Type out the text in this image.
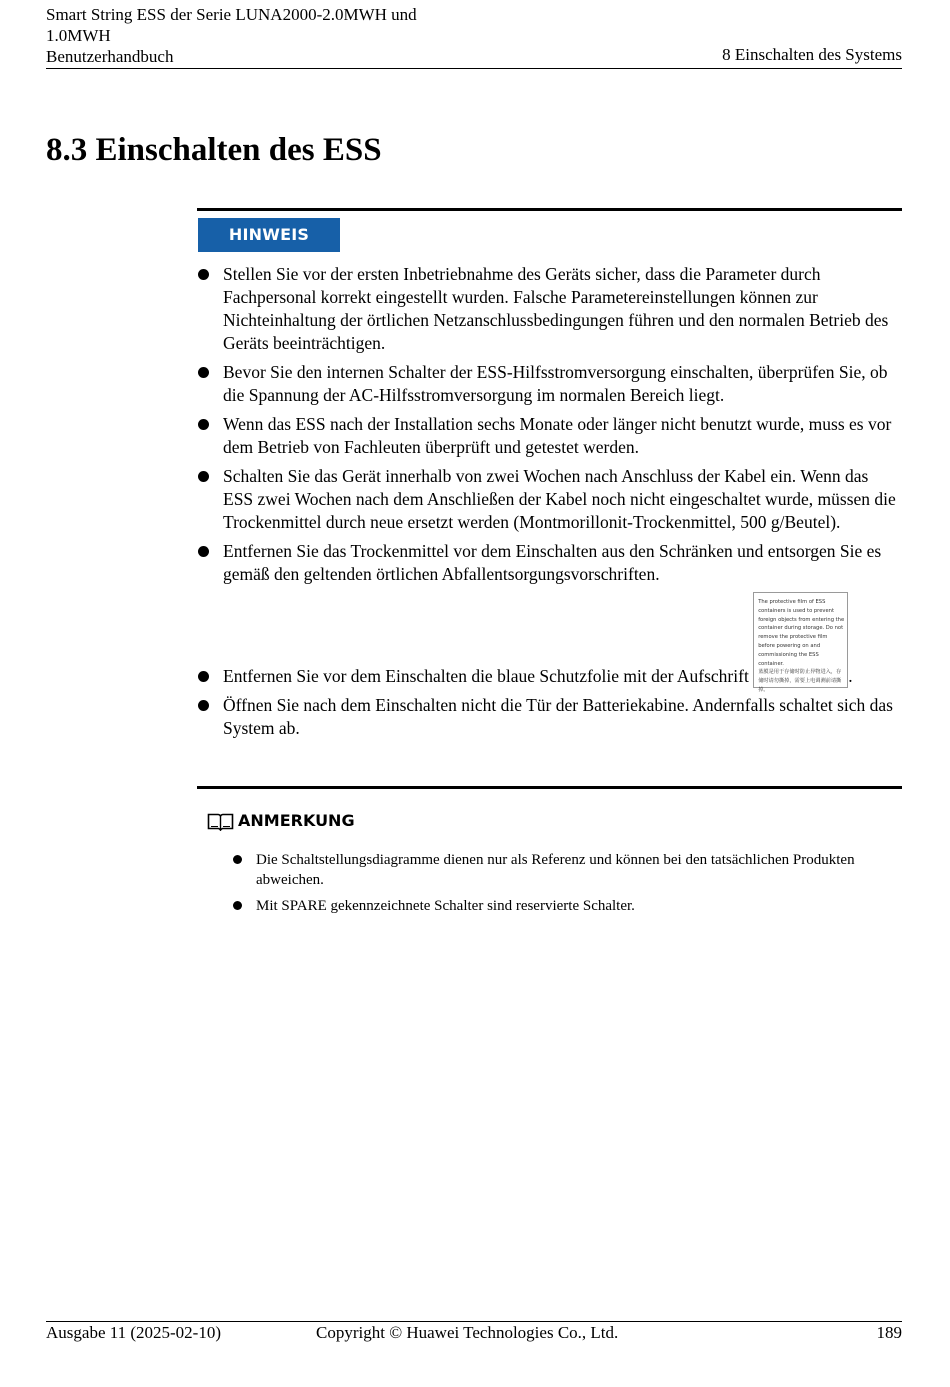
Smart String ESS der Serie LUNA2000-2.0MWH und 1.0MWH
Benutzerhandbuch	8 Einschalten des Systems
8.3 Einschalten des ESS
HINWEIS
Stellen Sie vor der ersten Inbetriebnahme des Geräts sicher, dass die Parameter durch Fachpersonal korrekt eingestellt wurden. Falsche Parametereinstellungen können zur Nichteinhaltung der örtlichen Netzanschlussbedingungen führen und den normalen Betrieb des Geräts beeinträchtigen.
Bevor Sie den internen Schalter der ESS-Hilfsstromversorgung einschalten, überprüfen Sie, ob die Spannung der AC-Hilfsstromversorgung im normalen Bereich liegt.
Wenn das ESS nach der Installation sechs Monate oder länger nicht benutzt wurde, muss es vor dem Betrieb von Fachleuten überprüft und getestet werden.
Schalten Sie das Gerät innerhalb von zwei Wochen nach Anschluss der Kabel ein. Wenn das ESS zwei Wochen nach dem Anschließen der Kabel noch nicht eingeschaltet wurde, müssen die Trockenmittel durch neue ersetzt werden (Montmorillonit-Trockenmittel, 500 g/Beutel).
Entfernen Sie das Trockenmittel vor dem Einschalten aus den Schränken und entsorgen Sie es gemäß den geltenden örtlichen Abfallentsorgungsvorschriften.
Entfernen Sie vor dem Einschalten die blaue Schutzfolie mit der Aufschrift
The protective film of ESS containers is used to prevent foreign objects from entering the container during storage. Do not remove the protective film before powering on and commissioning the ESS container.
蓝膜是用于存储时防止异物进入，存储时请勿撕掉，需要上电调测前请撕掉。
.
Öffnen Sie nach dem Einschalten nicht die Tür der Batteriekabine. Andernfalls schaltet sich das System ab.
ANMERKUNG
Die Schaltstellungsdiagramme dienen nur als Referenz und können bei den tatsächlichen Produkten abweichen.
Mit SPARE gekennzeichnete Schalter sind reservierte Schalter.
Ausgabe 11 (2025-02-10)	Copyright © Huawei Technologies Co., Ltd.	189
